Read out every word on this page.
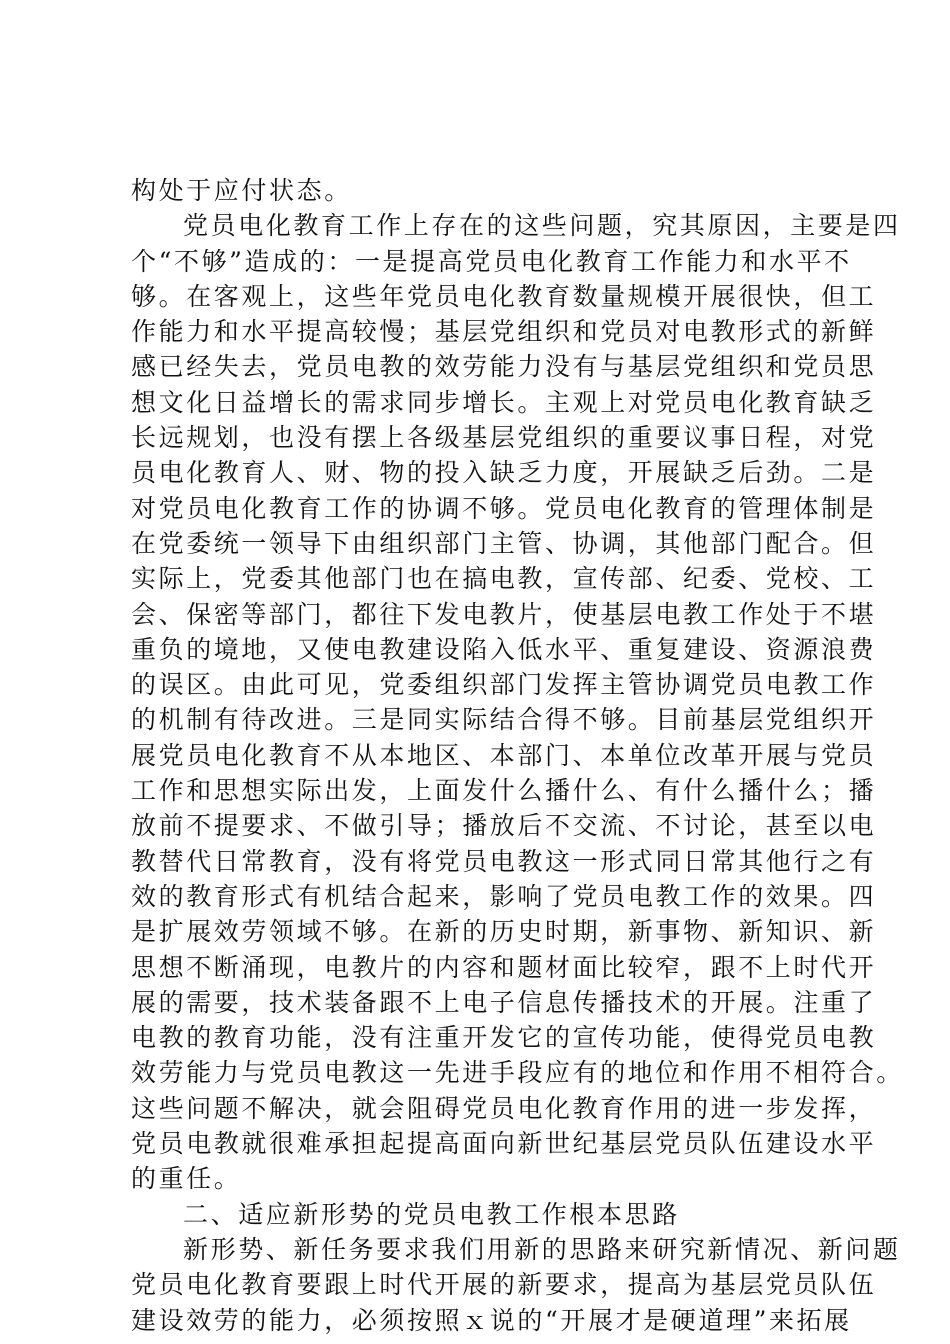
构处于应付状态。
党员电化教育工作上存在的这些问题，究其原因，主要是四
个“不够”造成的：一是提高党员电化教育工作能力和水平不
够。在客观上，这些年党员电化教育数量规模开展很快，但工
作能力和水平提高较慢；基层党组织和党员对电教形式的新鲜
感已经失去，党员电教的效劳能力没有与基层党组织和党员思
想文化日益增长的需求同步增长。主观上对党员电化教育缺乏
长远规划，也没有摆上各级基层党组织的重要议事日程，对党
员电化教育人、财、物的投入缺乏力度，开展缺乏后劲。二是
对党员电化教育工作的协调不够。党员电化教育的管理体制是
在党委统一领导下由组织部门主管、协调，其他部门配合。但
实际上，党委其他部门也在搞电教，宣传部、纪委、党校、工
会、保密等部门，都往下发电教片，使基层电教工作处于不堪
重负的境地，又使电教建设陷入低水平、重复建设、资源浪费
的误区。由此可见，党委组织部门发挥主管协调党员电教工作
的机制有待改进。三是同实际结合得不够。目前基层党组织开
展党员电化教育不从本地区、本部门、本单位改革开展与党员
工作和思想实际出发，上面发什么播什么、有什么播什么；播
放前不提要求、不做引导；播放后不交流、不讨论，甚至以电
教替代日常教育，没有将党员电教这一形式同日常其他行之有
效的教育形式有机结合起来，影响了党员电教工作的效果。四
是扩展效劳领域不够。在新的历史时期，新事物、新知识、新
思想不断涌现，电教片的内容和题材面比较窄，跟不上时代开
展的需要，技术装备跟不上电子信息传播技术的开展。注重了
电教的教育功能，没有注重开发它的宣传功能，使得党员电教
效劳能力与党员电教这一先进手段应有的地位和作用不相符合。
这些问题不解决，就会阻碍党员电化教育作用的进一步发挥，
党员电教就很难承担起提高面向新世纪基层党员队伍建设水平
的重任。
二、适应新形势的党员电教工作根本思路
新形势、新任务要求我们用新的思路来研究新情况、新问题
党员电化教育要跟上时代开展的新要求，提高为基层党员队伍
建设效劳的能力，必须按照ｘ说的“开展才是硬道理”来拓展
